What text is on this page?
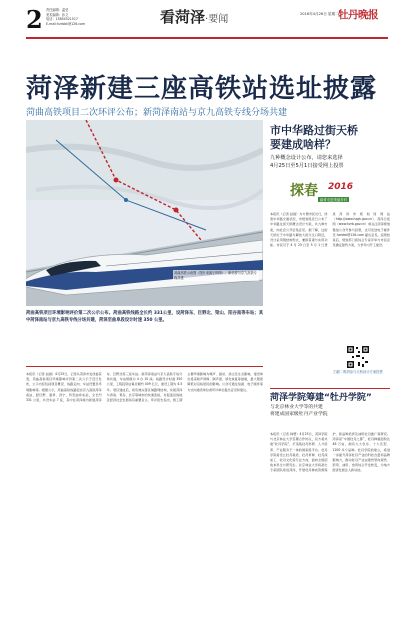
2 责任编辑：温莹
美术编辑：孙文
电话：15854521517
E-mail:hzrbbk@126.com	看菏泽·要闻	2016年4月26日 星期二 牡丹晚报
菏泽新建三座高铁站选址披露
菏曲高铁项目二次环评公布；新菏泽南站与京九高铁专线分场共建
菏曲高铁示意图（图片来源于网络），新站将与京九高铁专线共建
菏曲高铁项目环境影响评价第二次公示公布。菏曲高铁线路全长约 331公里，设菏泽东、巨野北、梁山、阳谷南等车站；其中菏泽南站与京九高铁专线分场共建，菏泽至曲阜段设计时速 350 公里。
本报讯（记者 赵晨）4月25日，记者从菏泽市发改委获悉，菏曲高铁项目环境影响评价第二次公示于近日发布，公示内容包括项目概况、线路走向、车站设置及环境影响等。根据公示，菏曲高铁线路起自京九高铁菏泽南站，经巨野、嘉祥、济宁，终至曲阜东站，全长约 331 公里，共设车站 7 座，其中在菏泽境内新建菏泽东、巨野北等三座车站。新菏泽南站与京九高铁专线分场共建，车站规模为 4 台 10 线。线路设计时速 350 公里，工程投资估算总额约 409 亿元，建设工期为 4.5 年。项目建成后，将有效完善区域路网结构，实现菏泽与济南、青岛、北京等城市的快速连接，对促进沿线地区经济社会发展具有重要意义。环评报告指出，施工期主要环境影响为噪声、振动、扬尘及生态影响，建设单位将采取声屏障、隔声窗、绿化恢复等措施，最大限度降低对沿线居民的影响。公众可通过信函、电子邮件等方式向建设单位或环评单位提出意见和建议。
市中华路过街天桥
要建成啥样？
九种概念设计公布，请您来选择
4月25日至5月1日接受网上投票
探春 2016
踏青走进美丽乡村
本报讯（记者 赵晨）为方便市民出行，改善中华路交通状况，市规划局近日公布了中华路过街天桥概念设计方案，共九种方案，向社会公开征集意见。据了解，过街天桥位于中华路与解放大街交叉口附近，设计采用钢结构形式，兼顾景观与实用功能。市民可于 4 月 25 日至 5 月 1 日登录菏泽市规划局网站（http://www.hzgh.gov.cn）、菏泽日报网（www.hzrb.gov.cn）或关注菏泽规划微信公众号参与投票，也可发送电子邮件至 hzrbbk@126.com 提出意见。投票结束后，规划部门将综合专家评审与市民意见确定最终方案，力争年内开工建设。
扫描二维码参与天桥设计方案投票
菏泽学院筹建“牡丹学院”
与北京林业大学等的共建
将建成国家级牡丹产业学院
本报讯（记者 韩慧）4月25日，菏泽学院与北京林业大学签署合作协议，双方将共建“牡丹学院”，打造集牡丹科研、人才培养、产业服务于一体的国家级平台。牡丹学院将设立牡丹栽培、牡丹育种、牡丹深加工、牡丹文化等专业方向，面向全国招收本科生与研究生。北京林业大学将派出专家团队常驻菏泽，开展牡丹种质资源保护、新品种培育及油用牡丹推广等研究。菏泽是“中国牡丹之都”，牡丹种植面积达 46 万亩，拥有九大色系、十大花型、1200 多个品种。牡丹学院的建立，将进一步提升菏泽牡丹产业的科技含量和品牌影响力，推动牡丹产业由观赏型向观赏、药用、油用、食用综合开发转变，为地方经济发展注入新动能。
